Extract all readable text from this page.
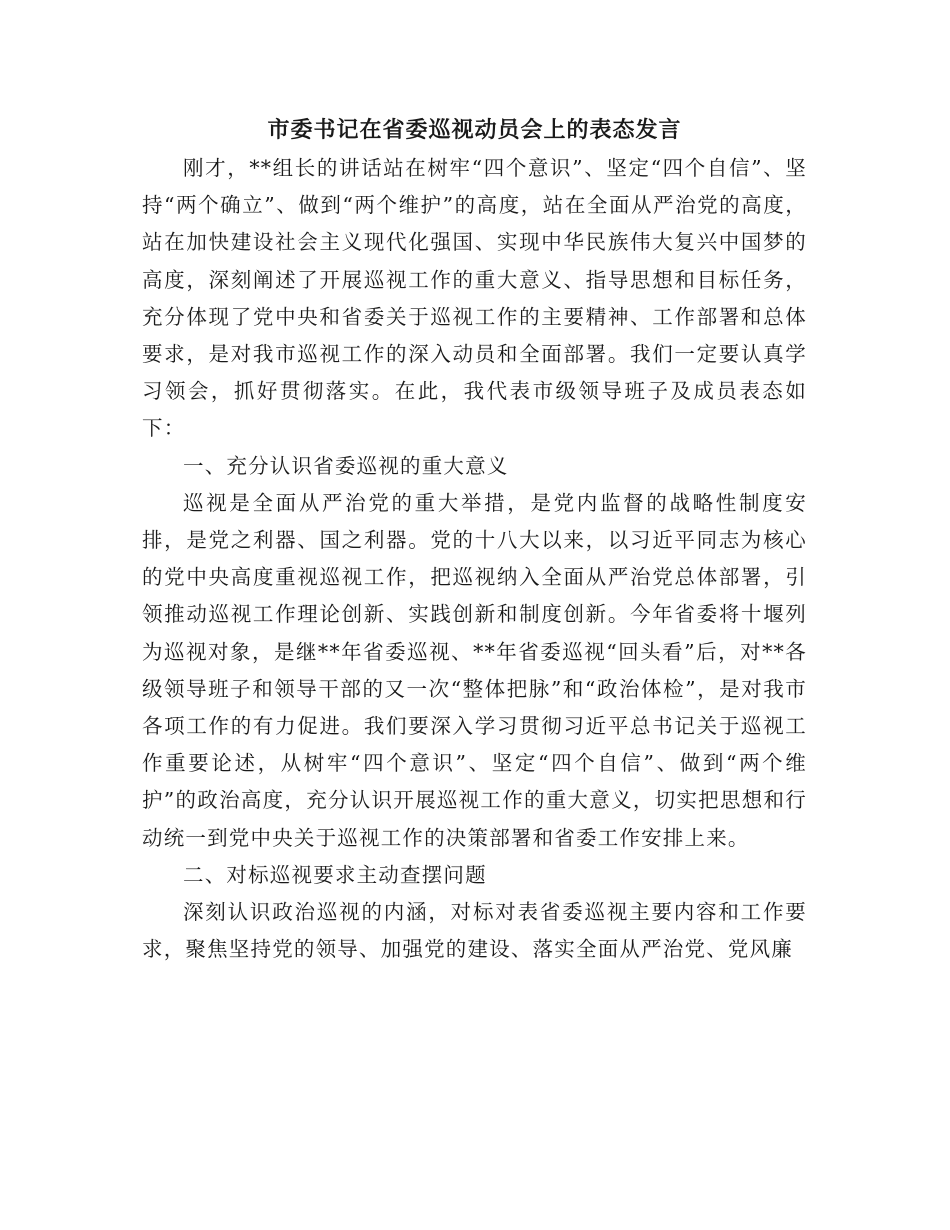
市委书记在省委巡视动员会上的表态发言

刚才，**组长的讲话站在树牢“四个意识”、坚定“四个自信”、坚持“两个确立”、做到“两个维护”的高度，站在全面从严治党的高度，站在加快建设社会主义现代化强国、实现中华民族伟大复兴中国梦的高度，深刻阐述了开展巡视工作的重大意义、指导思想和目标任务，充分体现了党中央和省委关于巡视工作的主要精神、工作部署和总体要求，是对我市巡视工作的深入动员和全面部署。我们一定要认真学习领会，抓好贯彻落实。在此，我代表市级领导班子及成员表态如下：

一、充分认识省委巡视的重大意义

巡视是全面从严治党的重大举措，是党内监督的战略性制度安排，是党之利器、国之利器。党的十八大以来，以习近平同志为核心的党中央高度重视巡视工作，把巡视纳入全面从严治党总体部署，引领推动巡视工作理论创新、实践创新和制度创新。今年省委将十堰列为巡视对象，是继**年省委巡视、**年省委巡视“回头看”后，对**各级领导班子和领导干部的又一次“整体把脉”和“政治体检”，是对我市各项工作的有力促进。我们要深入学习贯彻习近平总书记关于巡视工作重要论述，从树牢“四个意识”、坚定“四个自信”、做到“两个维护”的政治高度，充分认识开展巡视工作的重大意义，切实把思想和行动统一到党中央关于巡视工作的决策部署和省委工作安排上来。

二、对标巡视要求主动查摆问题

深刻认识政治巡视的内涵，对标对表省委巡视主要内容和工作要求，聚焦坚持党的领导、加强党的建设、落实全面从严治党、党风廉
